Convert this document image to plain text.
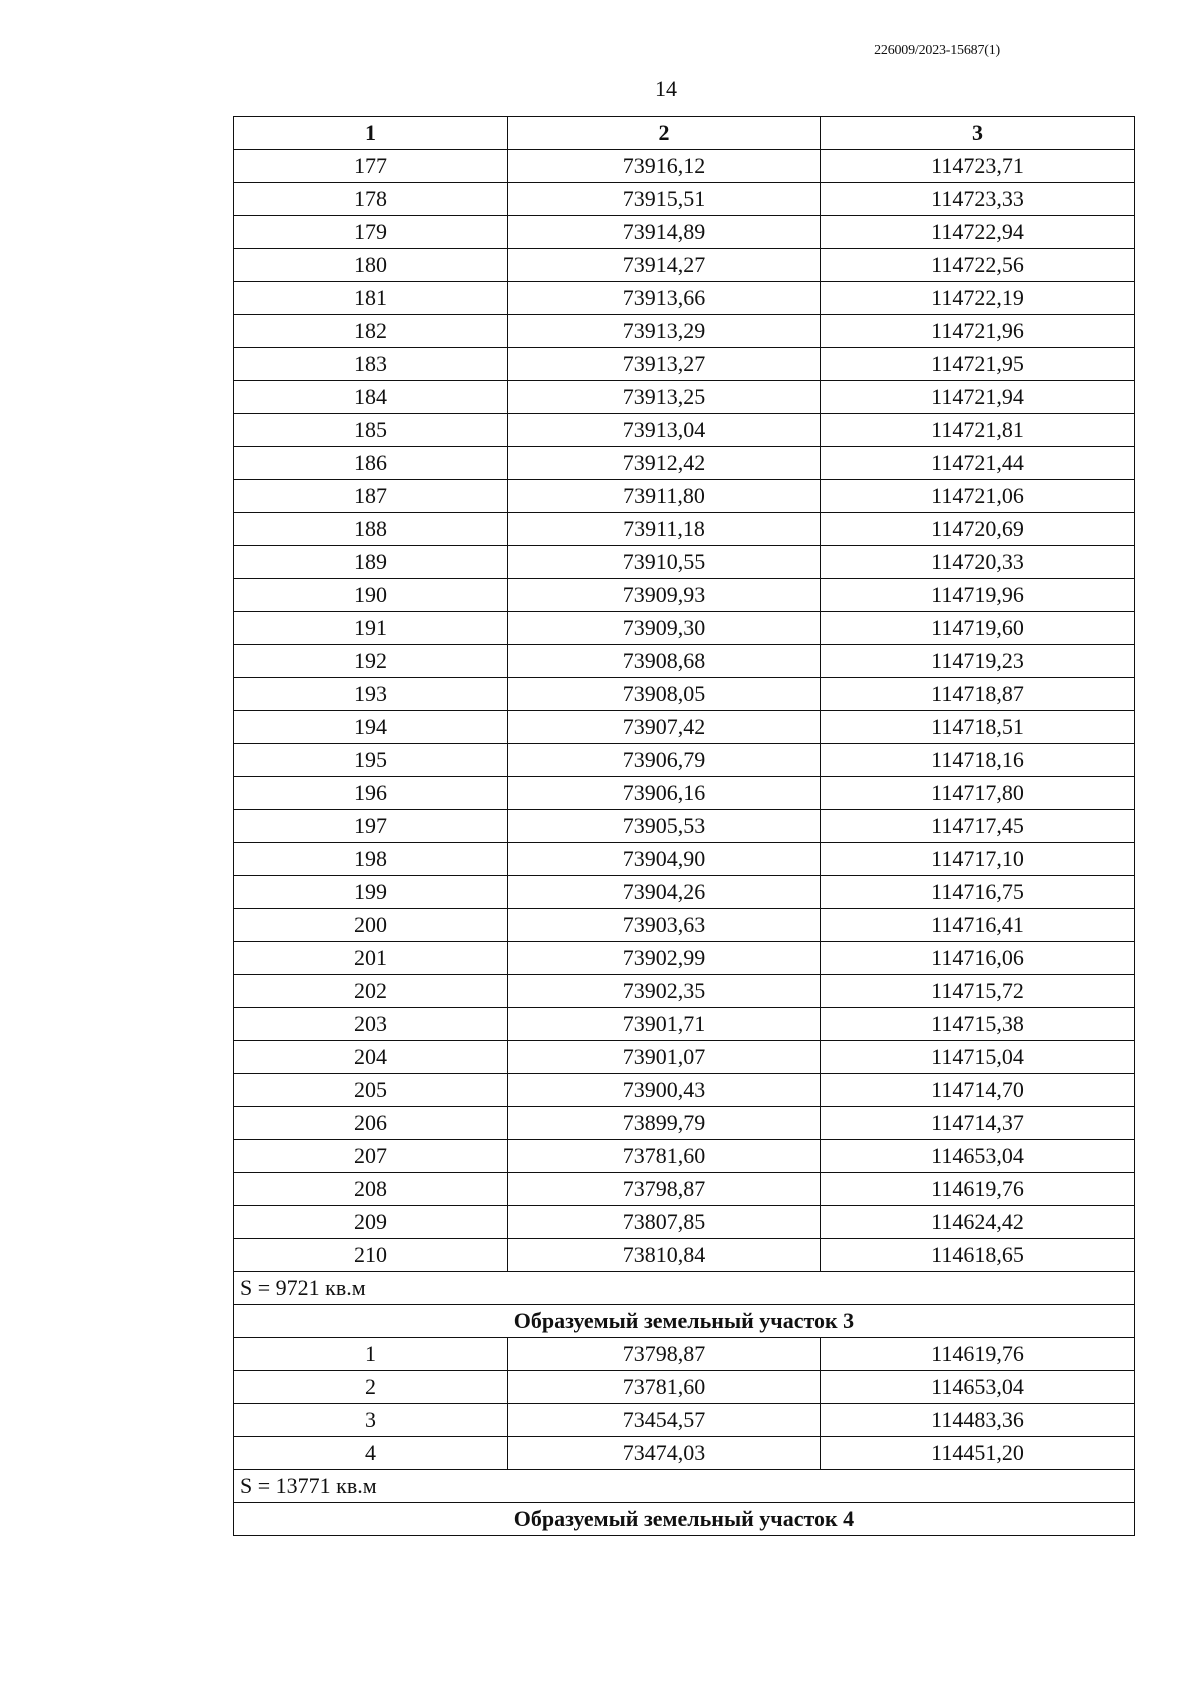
226009/2023-15687(1)
14
1	2	3
177	73916,12	114723,71
178	73915,51	114723,33
179	73914,89	114722,94
180	73914,27	114722,56
181	73913,66	114722,19
182	73913,29	114721,96
183	73913,27	114721,95
184	73913,25	114721,94
185	73913,04	114721,81
186	73912,42	114721,44
187	73911,80	114721,06
188	73911,18	114720,69
189	73910,55	114720,33
190	73909,93	114719,96
191	73909,30	114719,60
192	73908,68	114719,23
193	73908,05	114718,87
194	73907,42	114718,51
195	73906,79	114718,16
196	73906,16	114717,80
197	73905,53	114717,45
198	73904,90	114717,10
199	73904,26	114716,75
200	73903,63	114716,41
201	73902,99	114716,06
202	73902,35	114715,72
203	73901,71	114715,38
204	73901,07	114715,04
205	73900,43	114714,70
206	73899,79	114714,37
207	73781,60	114653,04
208	73798,87	114619,76
209	73807,85	114624,42
210	73810,84	114618,65
S = 9721 кв.м		
Образуемый земельный участок 3		
1	73798,87	114619,76
2	73781,60	114653,04
3	73454,57	114483,36
4	73474,03	114451,20
S = 13771 кв.м		
Образуемый земельный участок 4		
